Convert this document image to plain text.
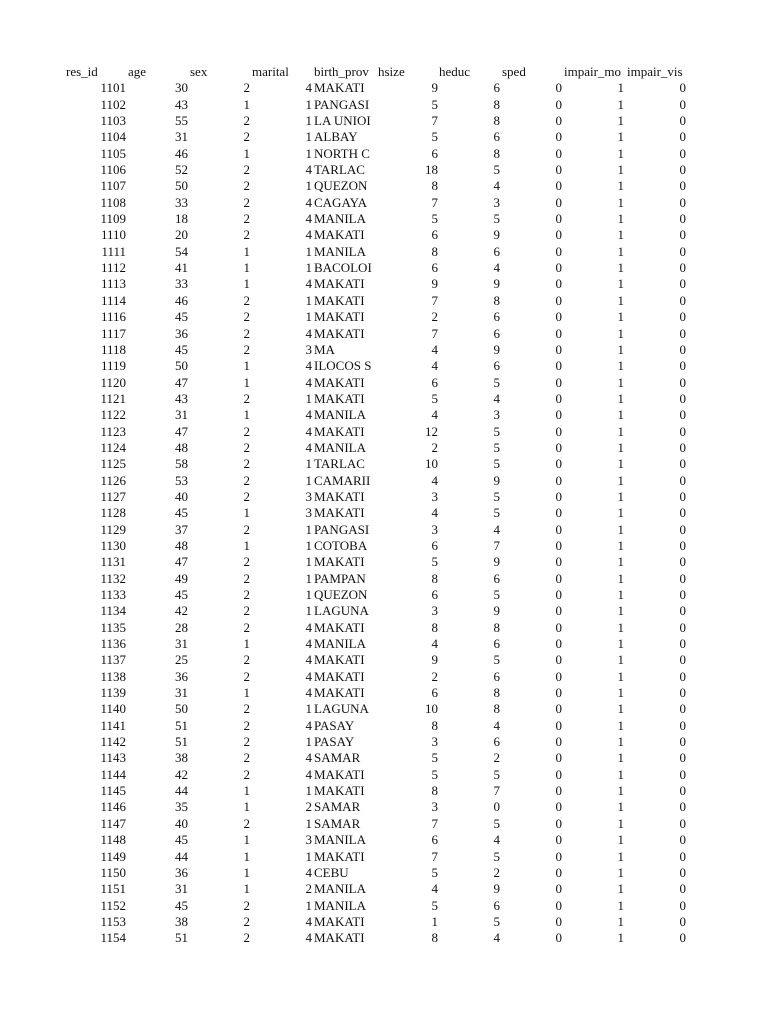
res_id	age	sex	marital	birth_prov hsize	heduc	sped	impair_mo impair_vis
1101	30	2	4 MAKATI	9	6	0	1	0
1102	43	1	1 PANGASI	5	8	0	1	0
1103	55	2	1 LA UNIOI	7	8	0	1	0
1104	31	2	1 ALBAY	5	6	0	1	0
1105	46	1	1 NORTH C	6	8	0	1	0
1106	52	2	4 TARLAC	18	5	0	1	0
1107	50	2	1 QUEZON	8	4	0	1	0
1108	33	2	4 CAGAYA	7	3	0	1	0
1109	18	2	4 MANILA	5	5	0	1	0
1110	20	2	4 MAKATI	6	9	0	1	0
1111	54	1	1 MANILA	8	6	0	1	0
1112	41	1	1 BACOLOI	6	4	0	1	0
1113	33	1	4 MAKATI	9	9	0	1	0
1114	46	2	1 MAKATI	7	8	0	1	0
1116	45	2	1 MAKATI	2	6	0	1	0
1117	36	2	4 MAKATI	7	6	0	1	0
1118	45	2	3 MA	4	9	0	1	0
1119	50	1	4 ILOCOS S	4	6	0	1	0
1120	47	1	4 MAKATI	6	5	0	1	0
1121	43	2	1 MAKATI	5	4	0	1	0
1122	31	1	4 MANILA	4	3	0	1	0
1123	47	2	4 MAKATI	12	5	0	1	0
1124	48	2	4 MANILA	2	5	0	1	0
1125	58	2	1 TARLAC	10	5	0	1	0
1126	53	2	1 CAMARII	4	9	0	1	0
1127	40	2	3 MAKATI	3	5	0	1	0
1128	45	1	3 MAKATI	4	5	0	1	0
1129	37	2	1 PANGASI	3	4	0	1	0
1130	48	1	1 COTOBA	6	7	0	1	0
1131	47	2	1 MAKATI	5	9	0	1	0
1132	49	2	1 PAMPAN	8	6	0	1	0
1133	45	2	1 QUEZON	6	5	0	1	0
1134	42	2	1 LAGUNA	3	9	0	1	0
1135	28	2	4 MAKATI	8	8	0	1	0
1136	31	1	4 MANILA	4	6	0	1	0
1137	25	2	4 MAKATI	9	5	0	1	0
1138	36	2	4 MAKATI	2	6	0	1	0
1139	31	1	4 MAKATI	6	8	0	1	0
1140	50	2	1 LAGUNA	10	8	0	1	0
1141	51	2	4 PASAY	8	4	0	1	0
1142	51	2	1 PASAY	3	6	0	1	0
1143	38	2	4 SAMAR	5	2	0	1	0
1144	42	2	4 MAKATI	5	5	0	1	0
1145	44	1	1 MAKATI	8	7	0	1	0
1146	35	1	2 SAMAR	3	0	0	1	0
1147	40	2	1 SAMAR	7	5	0	1	0
1148	45	1	3 MANILA	6	4	0	1	0
1149	44	1	1 MAKATI	7	5	0	1	0
1150	36	1	4 CEBU	5	2	0	1	0
1151	31	1	2 MANILA	4	9	0	1	0
1152	45	2	1 MANILA	5	6	0	1	0
1153	38	2	4 MAKATI	1	5	0	1	0
1154	51	2	4 MAKATI	8	4	0	1	0
